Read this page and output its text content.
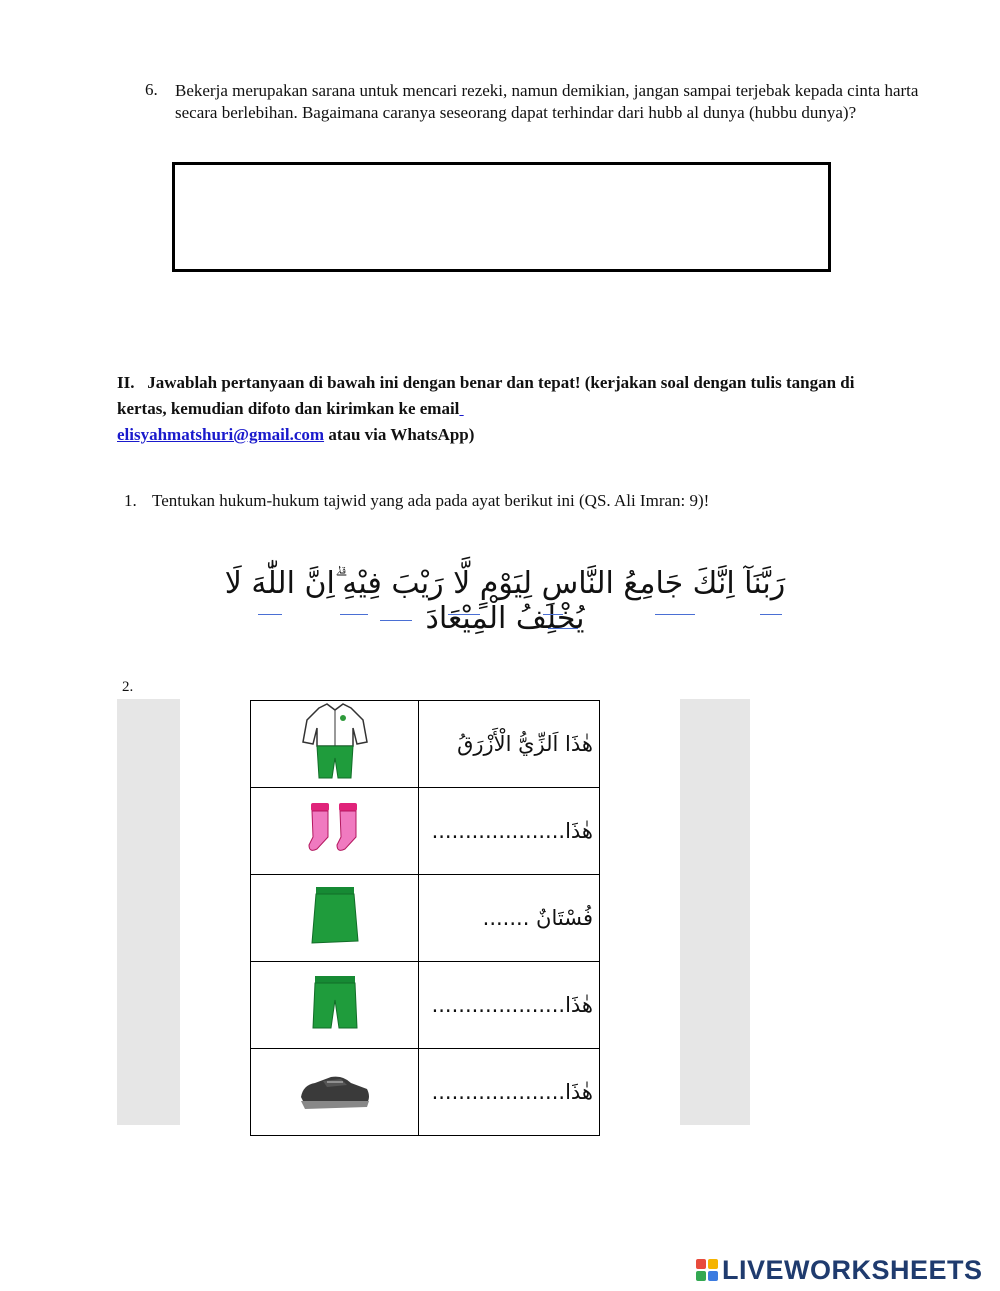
6. Bekerja merupakan sarana untuk mencari rezeki, namun demikian, jangan sampai terjebak kepada cinta harta secara berlebihan. Bagaimana caranya seseorang dapat terhindar dari hubb al dunya (hubbu dunya)?
II.   Jawablah pertanyaan di bawah ini dengan benar dan tepat! (kerjakan soal dengan tulis tangan di kertas, kemudian difoto dan kirimkan ke email
elisyahmatshuri@gmail.com atau via WhatsApp)
1. Tentukan hukum-hukum tajwid yang ada pada ayat berikut ini (QS. Ali Imran: 9)!
رَبَّنَآ اِنَّكَ جَامِعُ النَّاسِ لِيَوْمٍ لَّا رَيْبَ فِيْهِ ۗاِنَّ اللّٰهَ لَا يُخْلِفُ الْمِيْعَادَ
2.
	هٰذَا اَلزِّيُّ الْأَزْرَقُ
	هٰذَا....................
	فُسْتَانٌ .......
	هٰذَا....................
	هٰذَا....................
LIVEWORKSHEETS
